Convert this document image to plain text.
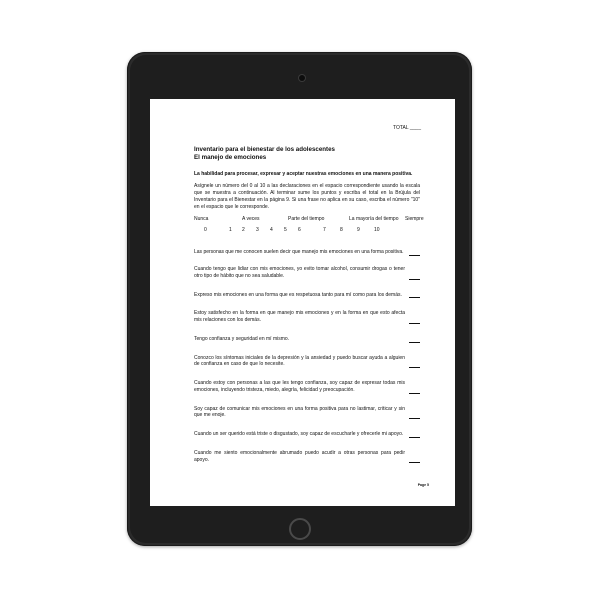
TOTAL ____
Inventario para el bienestar de los adolescentes
El manejo de emociones
La habilidad para procesar, expresar y aceptar nuestras emociones en una manera positiva.
Asígnele un número del 0 al 10 a las declaraciones en el espacio correspondiente usando la escala que se muestra a continuación. Al terminar sume los puntos y escriba el total en la Brújula del Inventario para el Bienestar en la página 9. Si una frase no aplica en su caso, escriba el número "10" en el espacio que le corresponde.
Nunca	A veces	Parte del tiempo	La mayoría del tiempo Siempre
0	1 2 3 4 5 6	7	8	9	10
Las personas que me conocen suelen decir que manejo mis emociones en una forma positiva.
Cuando tengo que lidiar con mis emociones, yo evito tomar alcohol, consumir drogas o tener otro tipo de hábito que no sea saludable.
Expreso mis emociones en una forma que es respetuosa tanto para mí como para los demás.
Estoy satisfecho en la forma en que manejo mis emociones y en la forma en que esto afecta mis relaciones con los demás.
Tengo confianza y seguridad en mí mismo.
Conozco los síntomas iniciales de la depresión y la ansiedad y puedo buscar ayuda a alguien de confianza en caso de que lo necesite.
Cuando estoy con personas a las que les tengo confianza, soy capaz de expresar todas mis emociones, incluyendo tristeza, miedo, alegría, felicidad y preocupación.
Soy capaz de comunicar mis emociones en una forma positiva para no lastimar, criticar y sin que me enoje.
Cuando un ser querido está triste o disgustado, soy capaz de escucharle y ofrecerle mi apoyo.
Cuando me siento emocionalmente abrumado puedo acudir a otras personas para pedir apoyo.
Page 5
